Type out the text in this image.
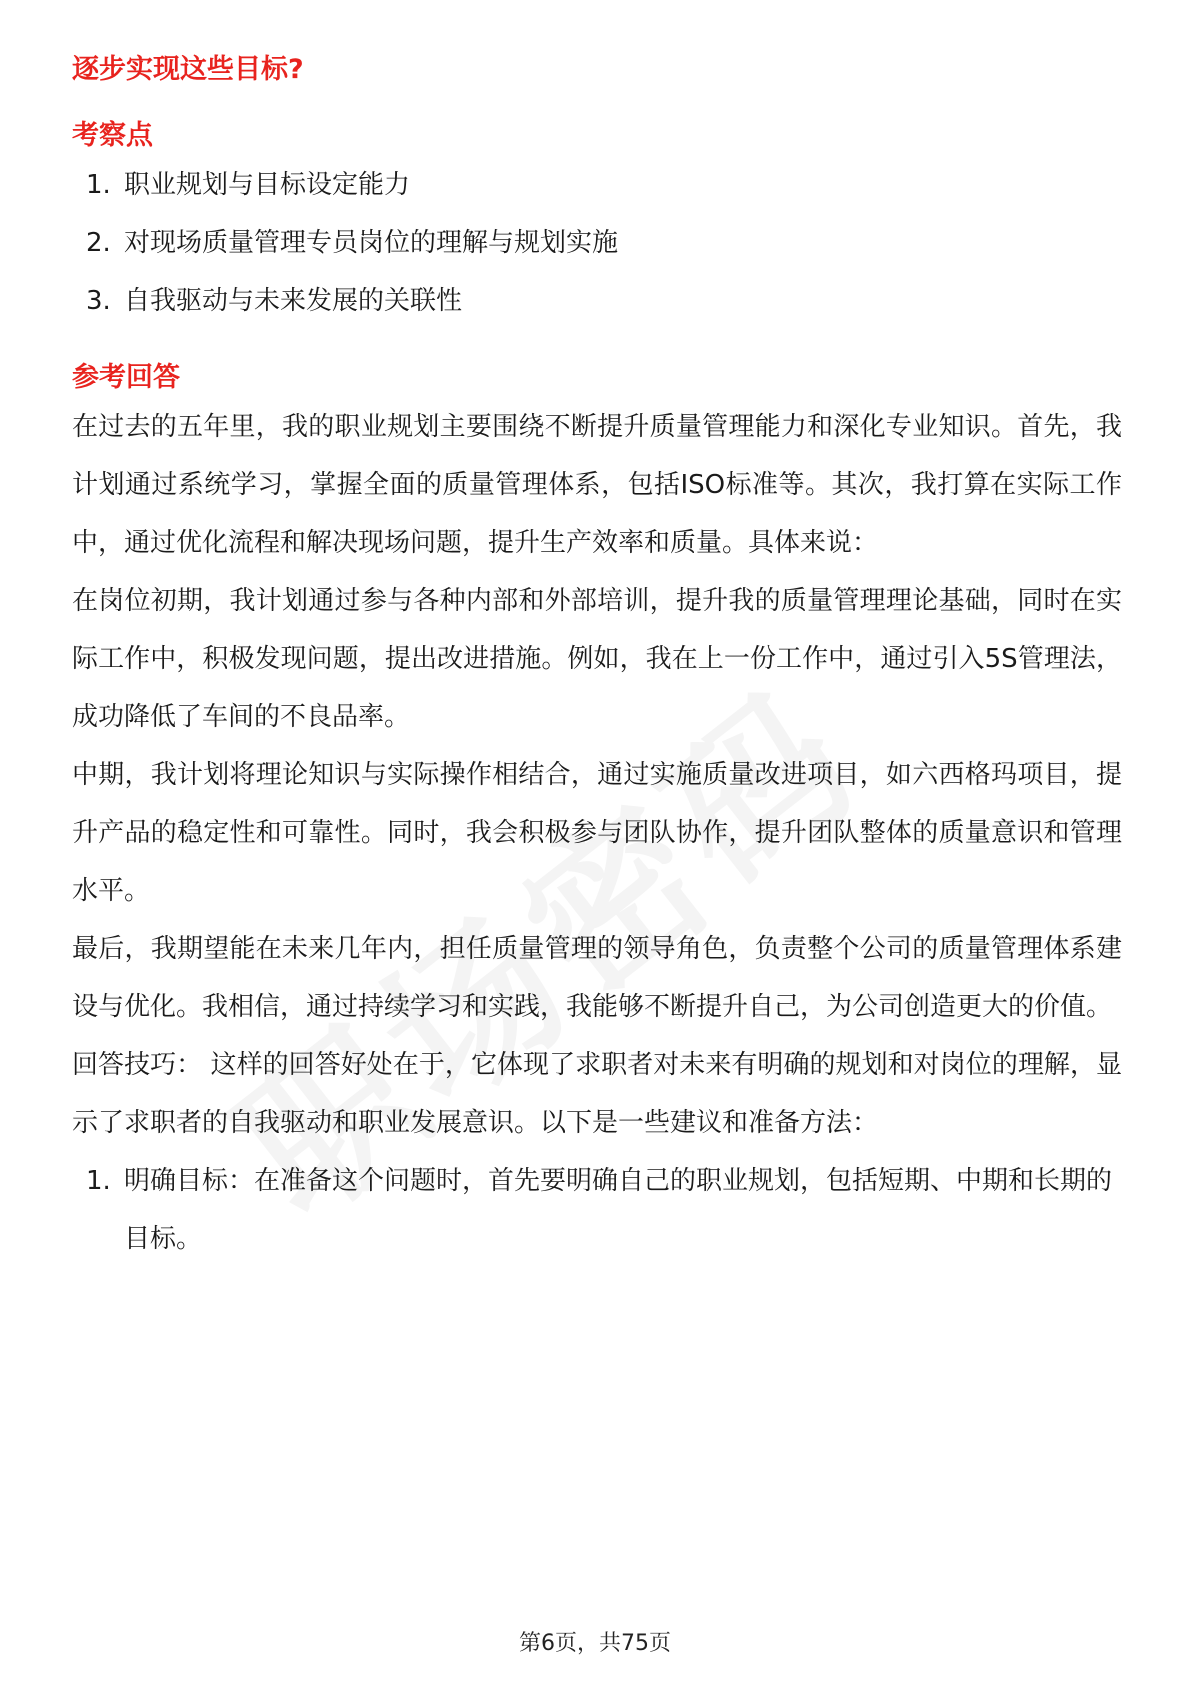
逐步实现这些目标?
考察点
1. 职业规划与目标设定能力
2. 对现场质量管理专员岗位的理解与规划实施
3. 自我驱动与未来发展的关联性
参考回答

在过去的五年里，我的职业规划主要围绕不断提升质量管理能力和深化专业知识。首先，我计划通过系统学习，掌握全面的质量管理体系，包括ISO标准等。其次，我打算在实际工作中，通过优化流程和解决现场问题，提升生产效率和质量。具体来说：

在岗位初期，我计划通过参与各种内部和外部培训，提升我的质量管理理论基础，同时在实际工作中，积极发现问题，提出改进措施。例如，我在上一份工作中，通过引入5S管理法，成功降低了车间的不良品率。

中期，我计划将理论知识与实际操作相结合，通过实施质量改进项目，如六西格玛项目，提升产品的稳定性和可靠性。同时，我会积极参与团队协作，提升团队整体的质量意识和管理水平。

最后，我期望能在未来几年内，担任质量管理的领导角色，负责整个公司的质量管理体系建设与优化。我相信，通过持续学习和实践，我能够不断提升自己，为公司创造更大的价值。

回答技巧： 这样的回答好处在于，它体现了求职者对未来有明确的规划和对岗位的理解，显示了求职者的自我驱动和职业发展意识。以下是一些建议和准备方法：

1. 明确目标：在准备这个问题时，首先要明确自己的职业规划，包括短期、中期和长期的目标。
第6页，共75页
